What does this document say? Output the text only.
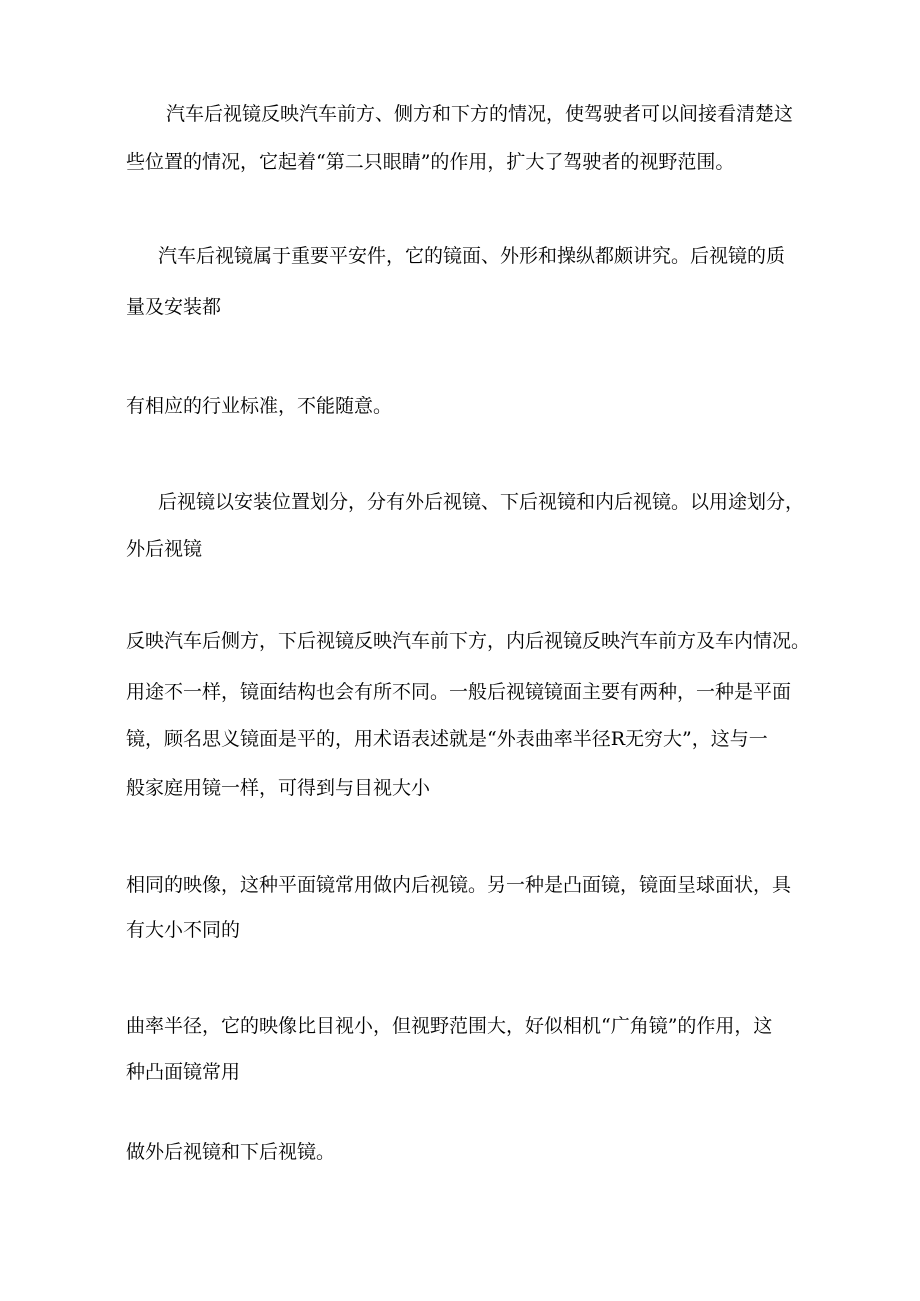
汽车后视镜反映汽车前方、侧方和下方的情况，使驾驶者可以间接看清楚这

些位置的情况，它起着“第二只眼睛”的作用，扩大了驾驶者的视野范围。

汽车后视镜属于重要平安件，它的镜面、外形和操纵都颇讲究。后视镜的质

量及安装都

有相应的行业标准，不能随意。

后视镜以安装位置划分，分有外后视镜、下后视镜和内后视镜。以用途划分，

外后视镜

反映汽车后侧方，下后视镜反映汽车前下方，内后视镜反映汽车前方及车内情况。

用途不一样，镜面结构也会有所不同。一般后视镜镜面主要有两种，一种是平面

镜，顾名思义镜面是平的，用术语表述就是“外表曲率半径R无穷大”，这与一

般家庭用镜一样，可得到与目视大小

相同的映像，这种平面镜常用做内后视镜。另一种是凸面镜，镜面呈球面状，具

有大小不同的

曲率半径，它的映像比目视小，但视野范围大，好似相机“广角镜”的作用，这

种凸面镜常用

做外后视镜和下后视镜。
